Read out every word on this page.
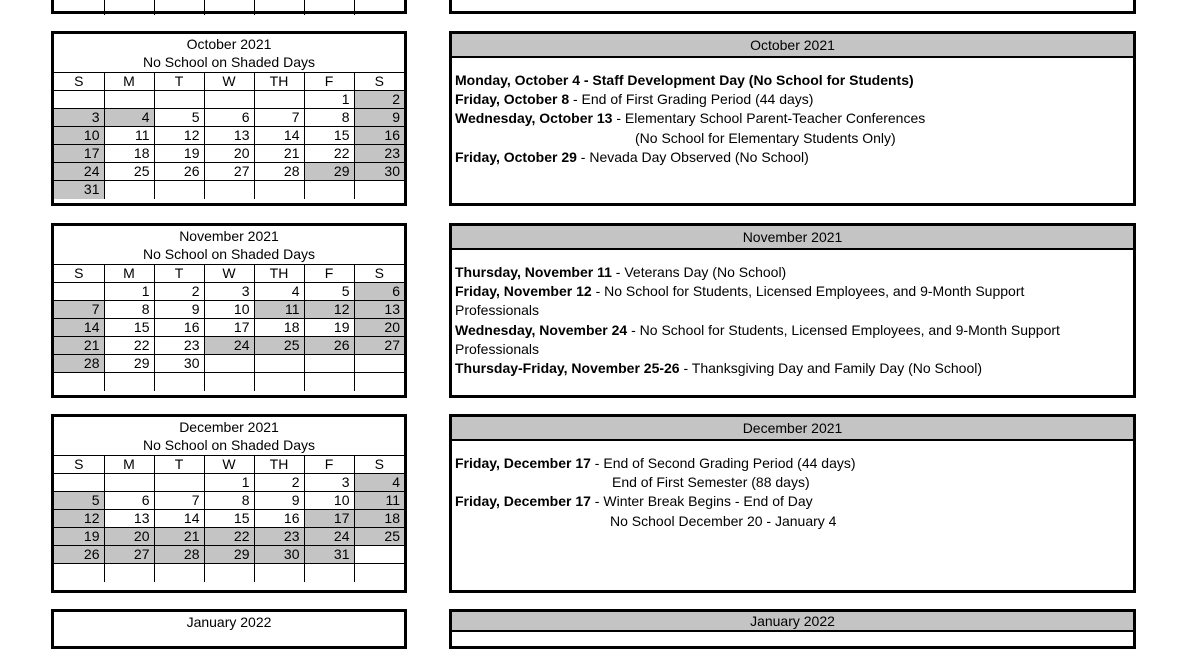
October 2021
No School on Shaded Days
S	M	T	W	TH	F	S
					1	2
3	4	5	6	7	8	9
10	11	12	13	14	15	16
17	18	19	20	21	22	23
24	25	26	27	28	29	30
31						
November 2021
No School on Shaded Days
S	M	T	W	TH	F	S
	1	2	3	4	5	6
7	8	9	10	11	12	13
14	15	16	17	18	19	20
21	22	23	24	25	26	27
28	29	30				

December 2021
No School on Shaded Days
S	M	T	W	TH	F	S
			1	2	3	4
5	6	7	8	9	10	11
12	13	14	15	16	17	18
19	20	21	22	23	24	25
26	27	28	29	30	31	

January 2022
October 2021
Monday, October 4 - Staff Development Day (No School for Students)
Friday, October 8 - End of First Grading Period (44 days)
Wednesday, October 13 - Elementary School Parent-Teacher Conferences
(No School for Elementary Students Only)
Friday, October 29 - Nevada Day Observed (No School)
November 2021
Thursday, November 11 - Veterans Day (No School)
Friday, November 12 - No School for Students, Licensed Employees, and 9-Month Support
Professionals
Wednesday, November 24 - No School for Students, Licensed Employees, and 9-Month Support
Professionals
Thursday-Friday, November 25-26 - Thanksgiving Day and Family Day (No School)
December 2021
Friday, December 17 - End of Second Grading Period (44 days)
End of First Semester (88 days)
Friday, December 17 - Winter Break Begins - End of Day
No School December 20 - January 4
January 2022
